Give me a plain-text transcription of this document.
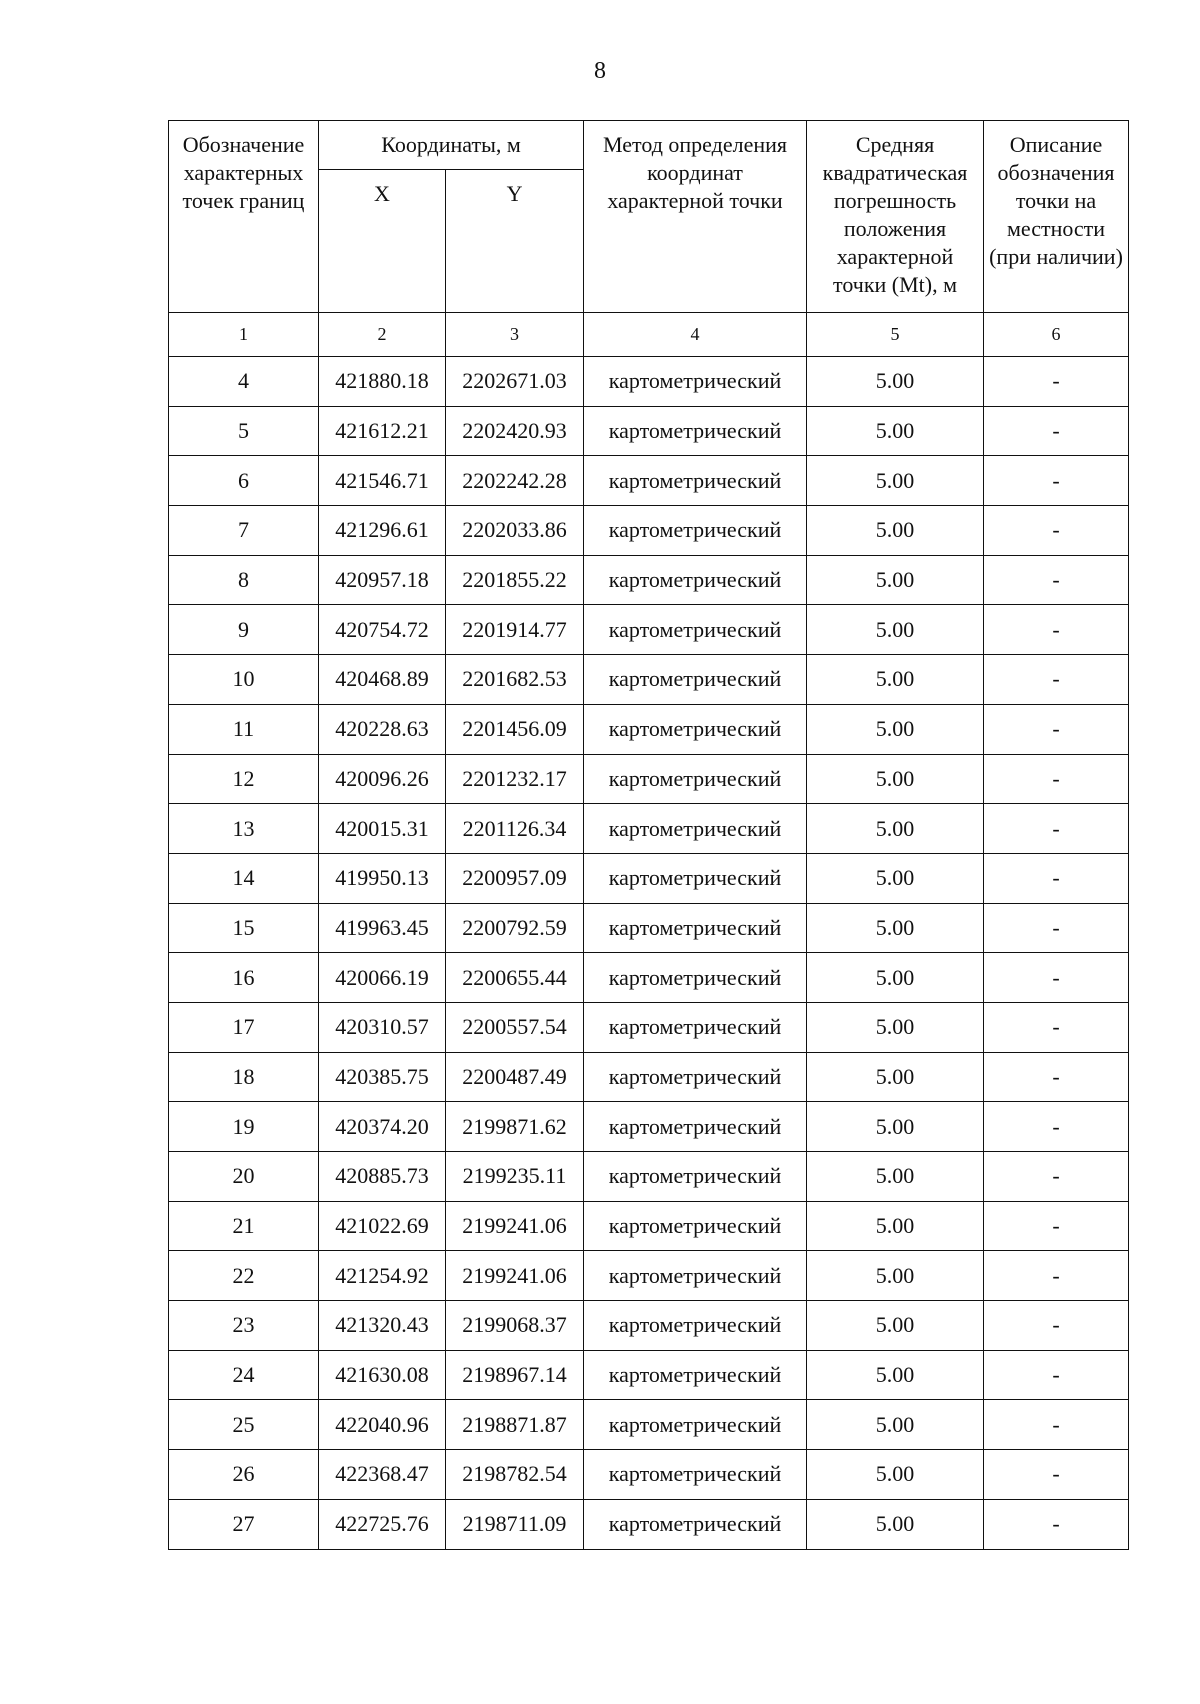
8
Обозначение характерных точек границ	Координаты, м		Метод определения координат характерной точки	Средняя квадратическая погрешность положения характерной точки (Mt), м	Описание обозначения точки на местности (при наличии)
	X	Y			
1	2	3	4	5	6
4	421880.18	2202671.03	картометрический	5.00	-
5	421612.21	2202420.93	картометрический	5.00	-
6	421546.71	2202242.28	картометрический	5.00	-
7	421296.61	2202033.86	картометрический	5.00	-
8	420957.18	2201855.22	картометрический	5.00	-
9	420754.72	2201914.77	картометрический	5.00	-
10	420468.89	2201682.53	картометрический	5.00	-
11	420228.63	2201456.09	картометрический	5.00	-
12	420096.26	2201232.17	картометрический	5.00	-
13	420015.31	2201126.34	картометрический	5.00	-
14	419950.13	2200957.09	картометрический	5.00	-
15	419963.45	2200792.59	картометрический	5.00	-
16	420066.19	2200655.44	картометрический	5.00	-
17	420310.57	2200557.54	картометрический	5.00	-
18	420385.75	2200487.49	картометрический	5.00	-
19	420374.20	2199871.62	картометрический	5.00	-
20	420885.73	2199235.11	картометрический	5.00	-
21	421022.69	2199241.06	картометрический	5.00	-
22	421254.92	2199241.06	картометрический	5.00	-
23	421320.43	2199068.37	картометрический	5.00	-
24	421630.08	2198967.14	картометрический	5.00	-
25	422040.96	2198871.87	картометрический	5.00	-
26	422368.47	2198782.54	картометрический	5.00	-
27	422725.76	2198711.09	картометрический	5.00	-
